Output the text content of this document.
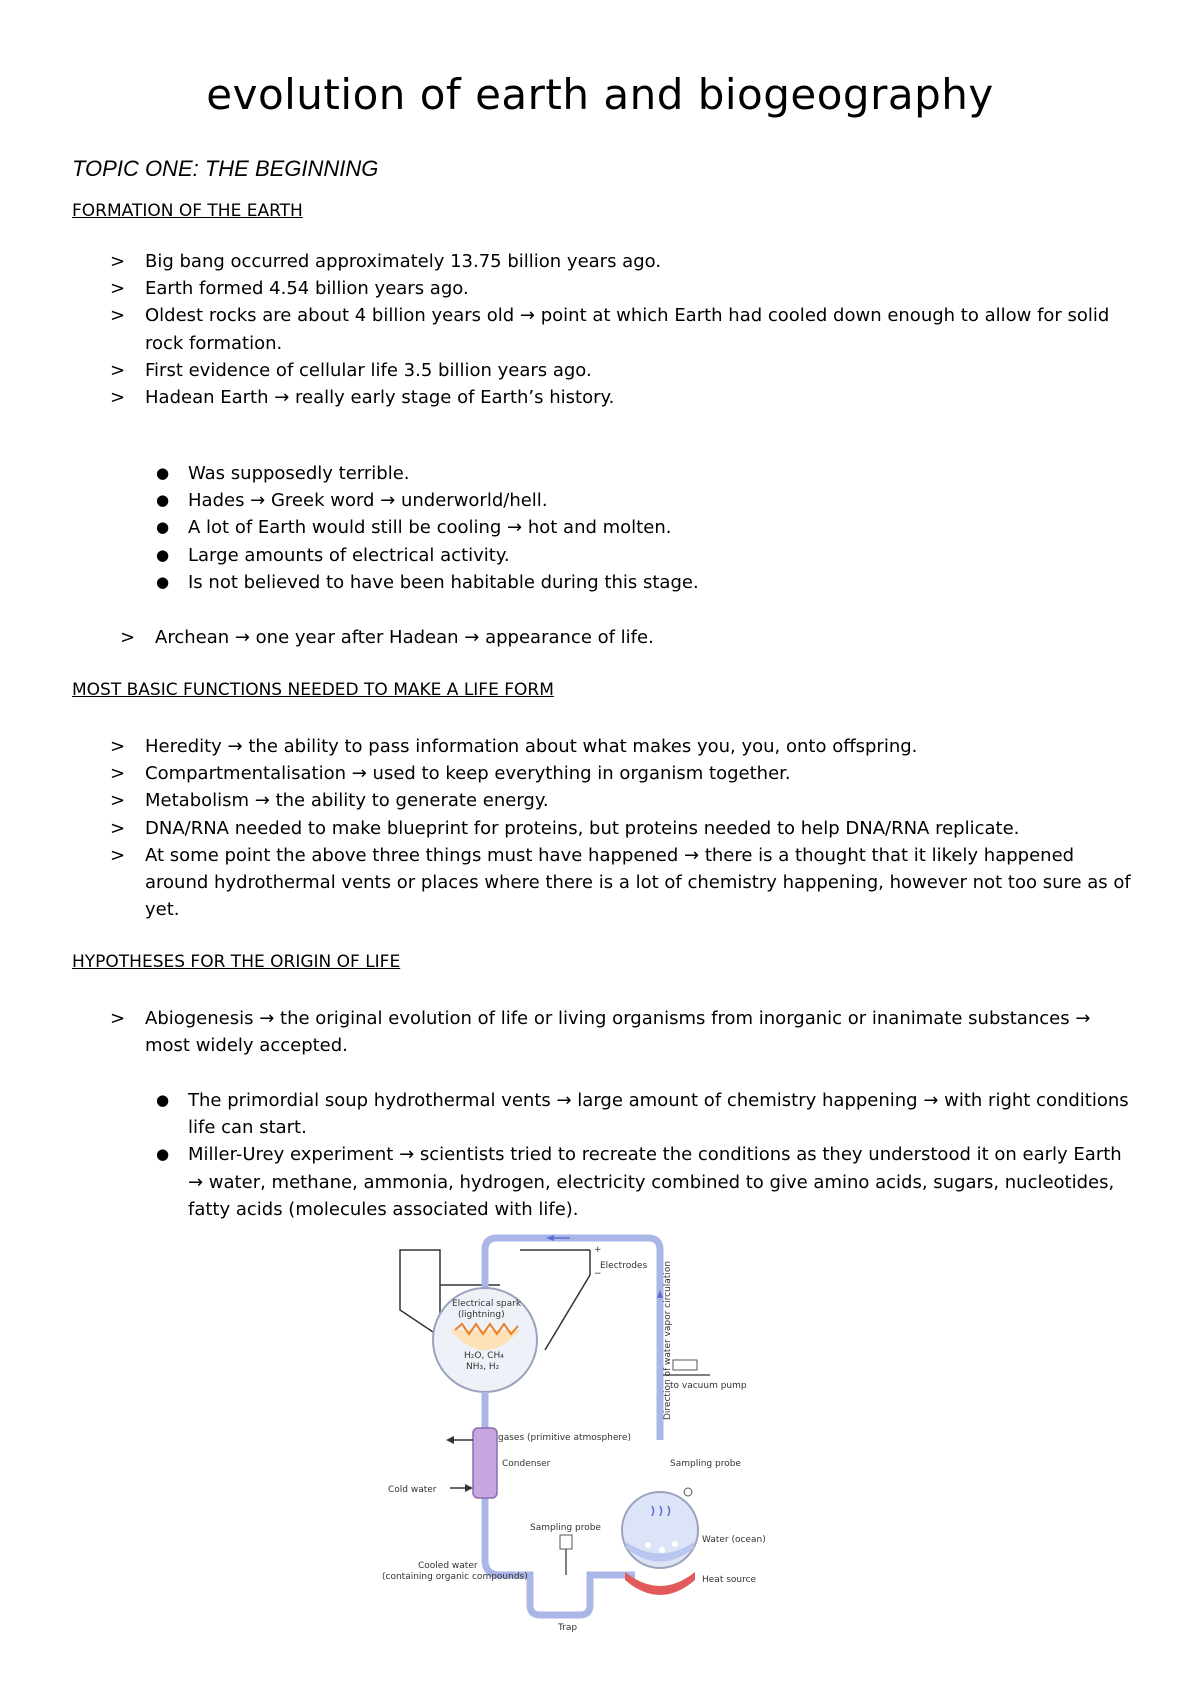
evolution of earth and biogeography
TOPIC ONE: THE BEGINNING
FORMATION OF THE EARTH
> Big bang occurred approximately 13.75 billion years ago.
> Earth formed 4.54 billion years ago.
> Oldest rocks are about 4 billion years old → point at which Earth had cooled down enough to allow for solid rock formation.
> First evidence of cellular life 3.5 billion years ago.
> Hadean Earth → really early stage of Earth’s history.
● Was supposedly terrible.
● Hades → Greek word → underworld/hell.
● A lot of Earth would still be cooling → hot and molten.
● Large amounts of electrical activity.
● Is not believed to have been habitable during this stage.
> Archean → one year after Hadean → appearance of life.
MOST BASIC FUNCTIONS NEEDED TO MAKE A LIFE FORM
> Heredity → the ability to pass information about what makes you, you, onto offspring.
> Compartmentalisation → used to keep everything in organism together.
> Metabolism → the ability to generate energy.
> DNA/RNA needed to make blueprint for proteins, but proteins needed to help DNA/RNA replicate.
> At some point the above three things must have happened → there is a thought that it likely happened around hydrothermal vents or places where there is a lot of chemistry happening, however not too sure as of yet.
HYPOTHESES FOR THE ORIGIN OF LIFE
> Abiogenesis → the original evolution of life or living organisms from inorganic or inanimate substances → most widely accepted.
● The primordial soup hydrothermal vents → large amount of chemistry happening → with right conditions life can start.
● Miller-Urey experiment → scientists tried to recreate the conditions as they understood it on early Earth → water, methane, ammonia, hydrogen, electricity combined to give amino acids, sugars, nucleotides, fatty acids (molecules associated with life).
+
−
Electrodes
Electrical spark
(lightning)
H₂O, CH₄
NH₃, H₂
Condenser
Cold water
gases (primitive atmosphere)
Sampling probe
Cooled water
(containing organic compounds)
Trap
Water (ocean)
Heat source
to vacuum pump
Sampling probe
Direction of water vapor circulation
